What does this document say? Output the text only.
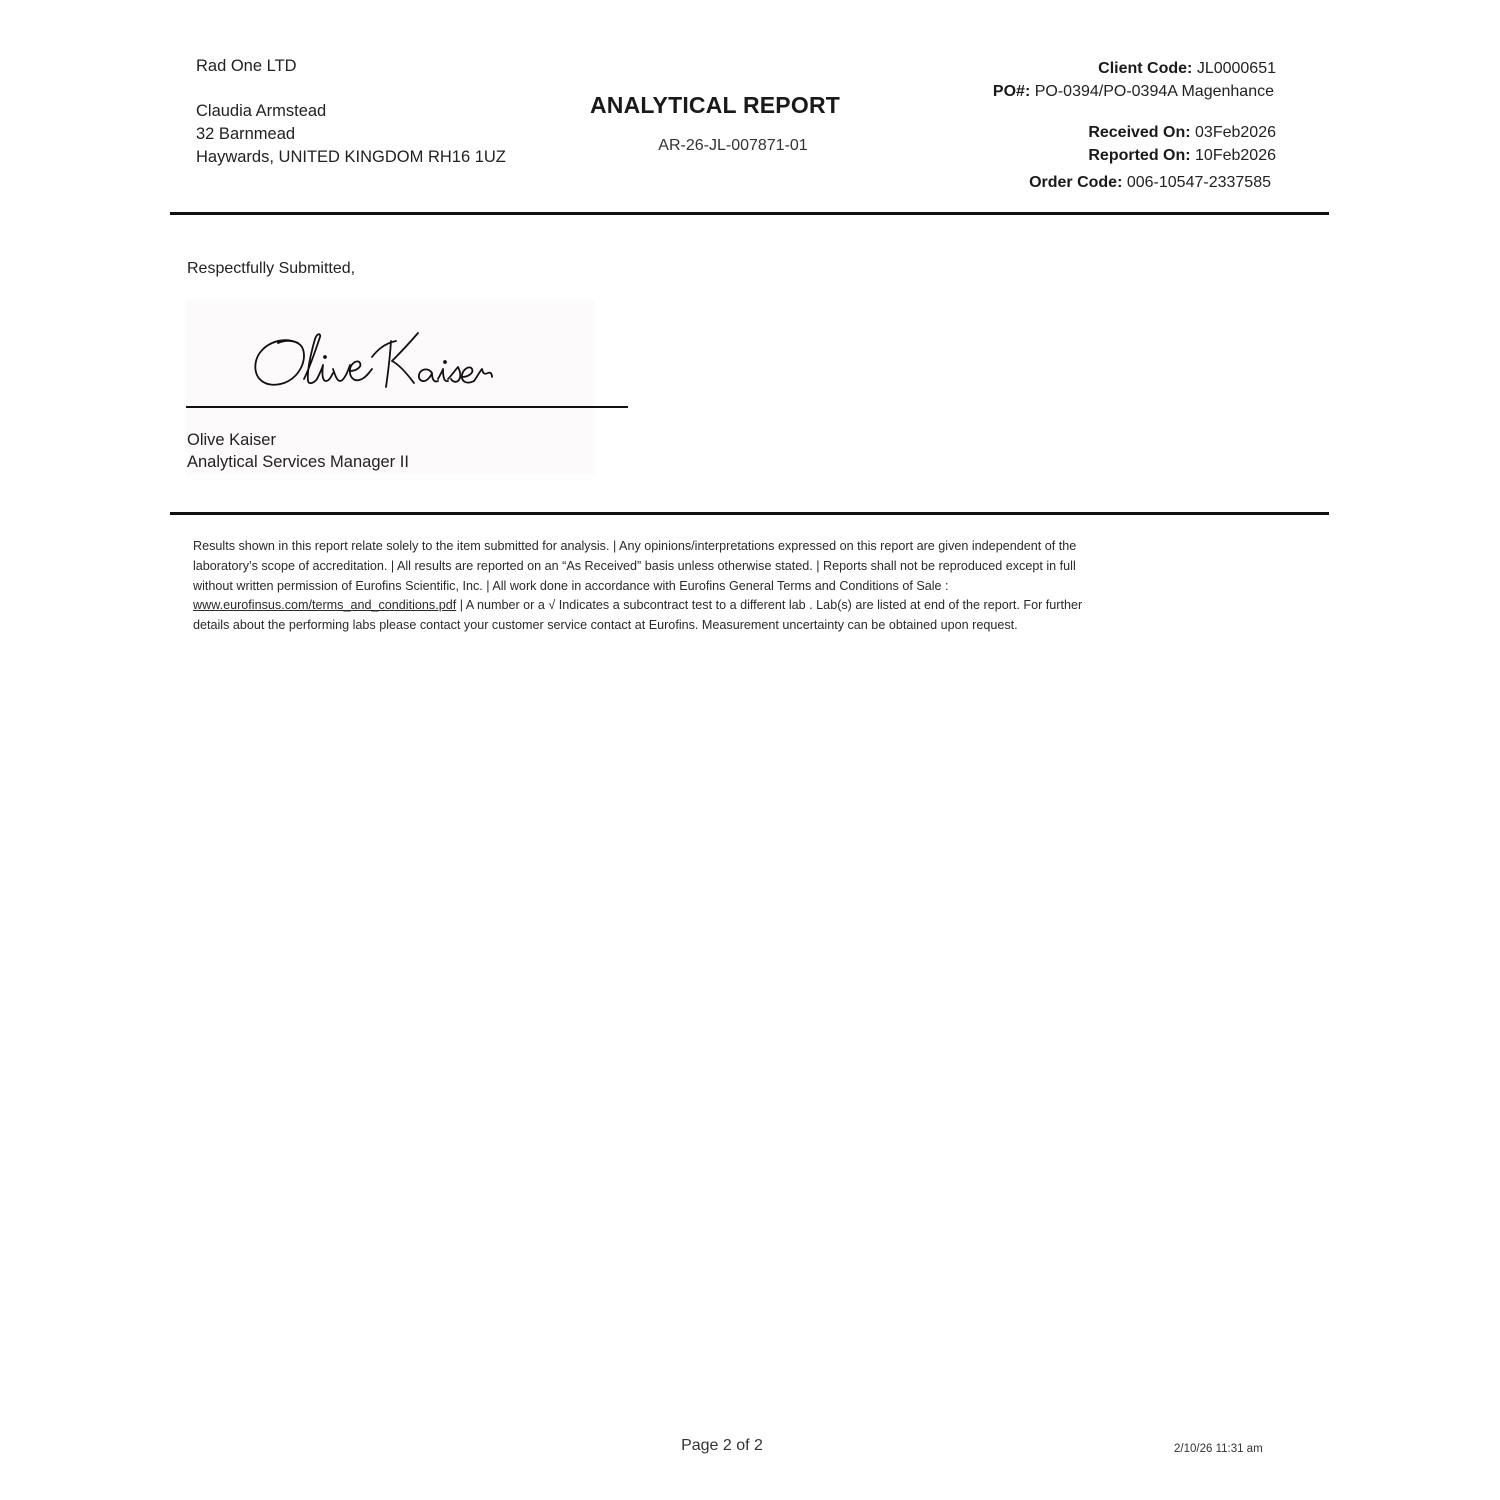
Rad One LTD
Claudia Armstead
32 Barnmead
Haywards, UNITED KINGDOM RH16 1UZ
ANALYTICAL REPORT
AR-26-JL-007871-01
Client Code: JL0000651
PO#: PO-0394/PO-0394A Magenhance
Received On: 03Feb2026
Reported On: 10Feb2026
Order Code: 006-10547-2337585
Respectfully Submitted,
Olive Kaiser
Analytical Services Manager II
Results shown in this report relate solely to the item submitted for analysis. | Any opinions/interpretations expressed on this report are given independent of the
laboratory’s scope of accreditation. | All results are reported on an “As Received” basis unless otherwise stated. | Reports shall not be reproduced except in full
without written permission of Eurofins Scientific, Inc. | All work done in accordance with Eurofins General Terms and Conditions of Sale :
www.eurofinsus.com/terms_and_conditions.pdf | A number or a √ Indicates a subcontract test to a different lab . Lab(s) are listed at end of the report. For further
details about the performing labs please contact your customer service contact at Eurofins. Measurement uncertainty can be obtained upon request.
Page 2 of 2	2/10/26 11:31 am
